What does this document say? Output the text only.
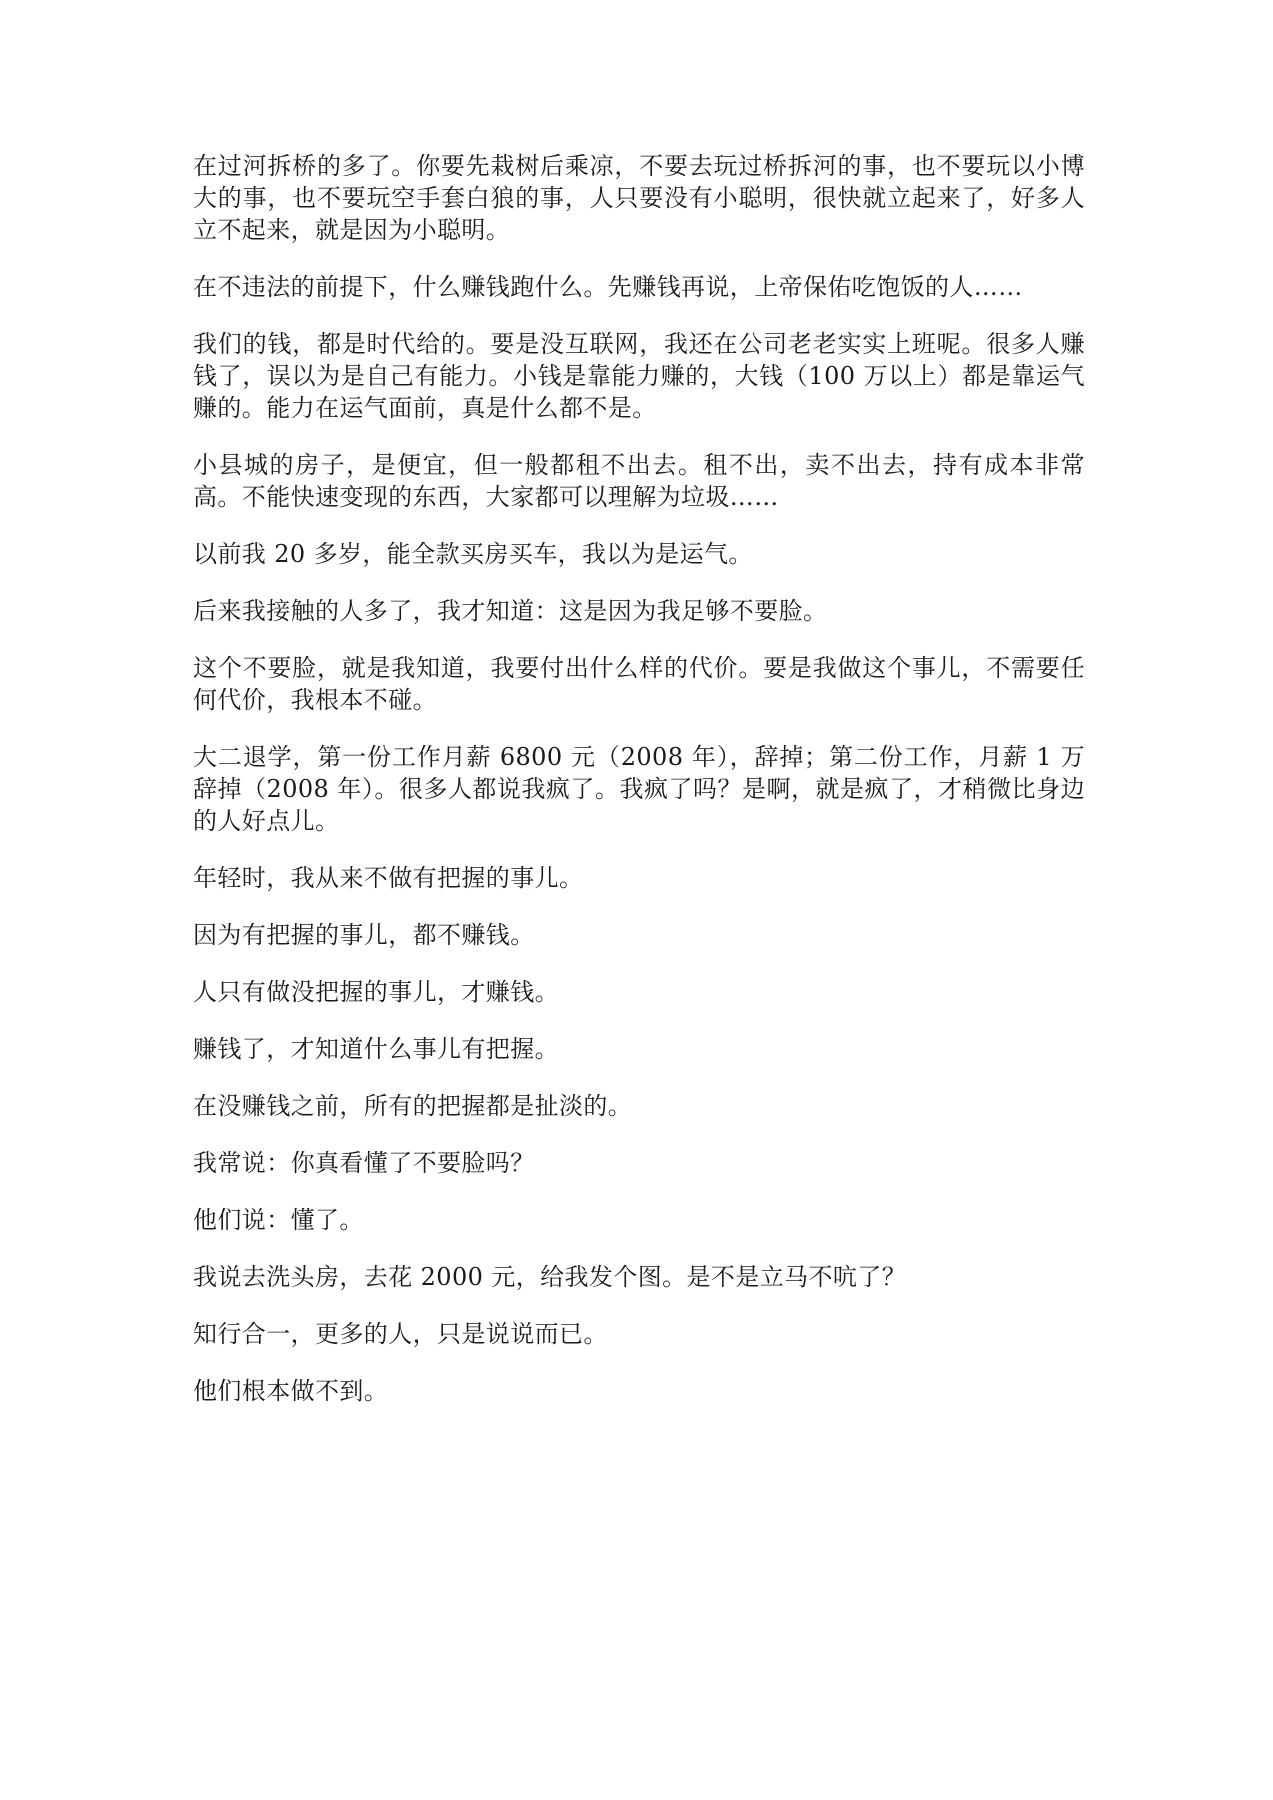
在过河拆桥的多了。你要先栽树后乘凉，不要去玩过桥拆河的事，也不要玩以小博大的事，也不要玩空手套白狼的事，人只要没有小聪明，很快就立起来了，好多人立不起来，就是因为小聪明。

在不违法的前提下，什么赚钱跑什么。先赚钱再说，上帝保佑吃饱饭的人……

我们的钱，都是时代给的。要是没互联网，我还在公司老老实实上班呢。很多人赚钱了，误以为是自己有能力。小钱是靠能力赚的，大钱（100 万以上）都是靠运气赚的。能力在运气面前，真是什么都不是。

小县城的房子，是便宜，但一般都租不出去。租不出，卖不出去，持有成本非常高。不能快速变现的东西，大家都可以理解为垃圾……

以前我 20 多岁，能全款买房买车，我以为是运气。

后来我接触的人多了，我才知道：这是因为我足够不要脸。

这个不要脸，就是我知道，我要付出什么样的代价。要是我做这个事儿，不需要任何代价，我根本不碰。

大二退学，第一份工作月薪 6800 元（2008 年），辞掉；第二份工作，月薪 1 万辞掉（2008 年）。很多人都说我疯了。我疯了吗？是啊，就是疯了，才稍微比身边的人好点儿。

年轻时，我从来不做有把握的事儿。

因为有把握的事儿，都不赚钱。

人只有做没把握的事儿，才赚钱。

赚钱了，才知道什么事儿有把握。

在没赚钱之前，所有的把握都是扯淡的。

我常说：你真看懂了不要脸吗？

他们说：懂了。

我说去洗头房，去花 2000 元，给我发个图。是不是立马不吭了？

知行合一，更多的人，只是说说而已。

他们根本做不到。
